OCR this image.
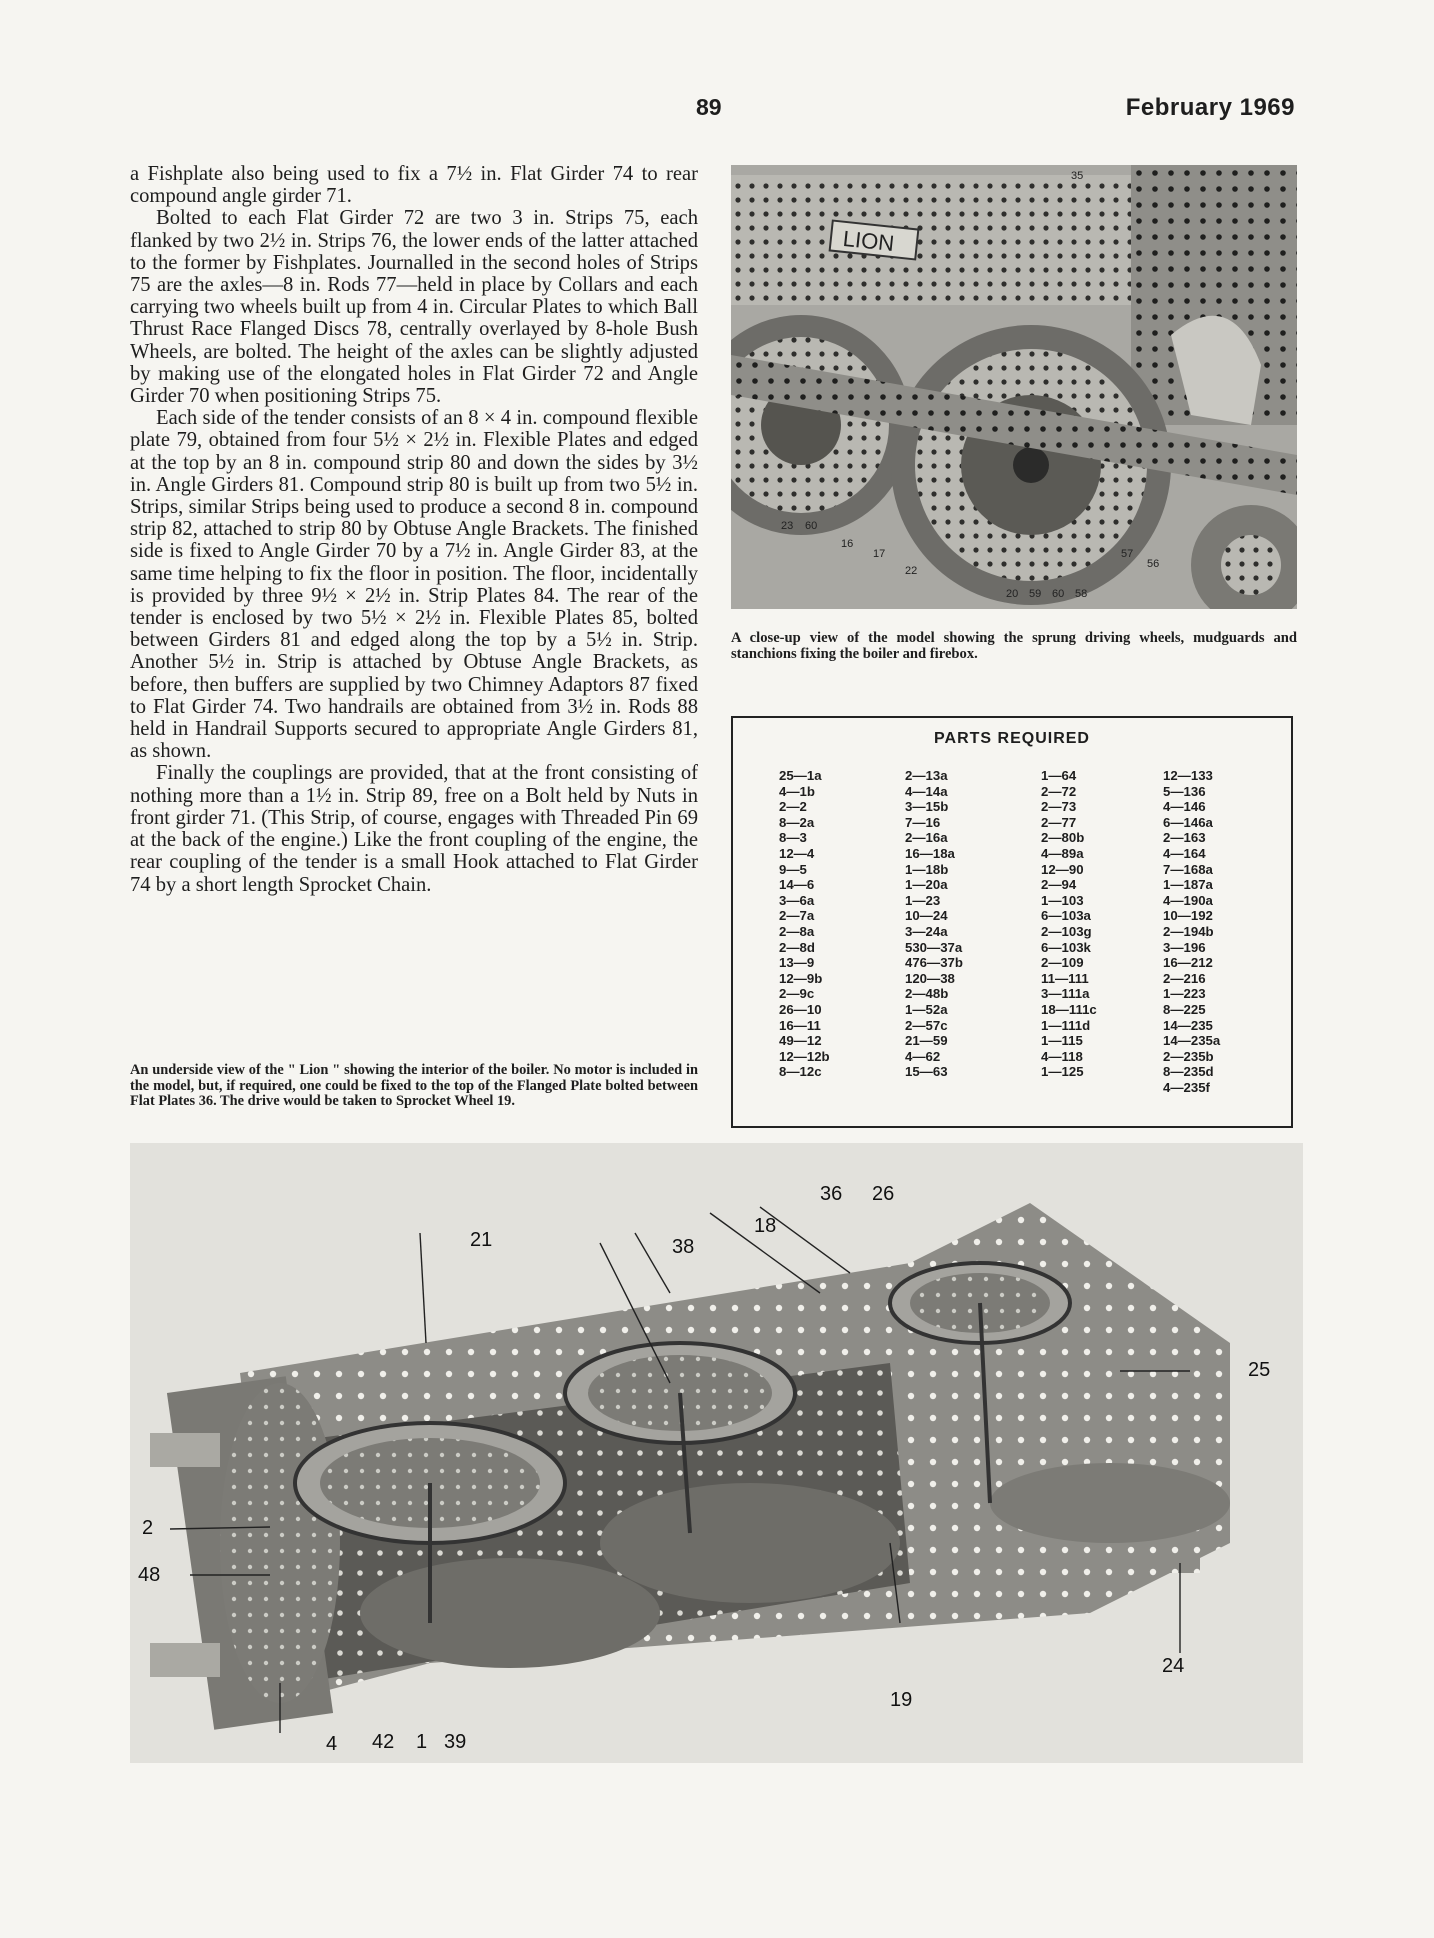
89	February 1969

a Fishplate also being used to fix a 7½ in. Flat Girder 74 to rear compound angle girder 71.

Bolted to each Flat Girder 72 are two 3 in. Strips 75, each flanked by two 2½ in. Strips 76, the lower ends of the latter attached to the former by Fishplates. Journalled in the second holes of Strips 75 are the axles—8 in. Rods 77—held in place by Collars and each carrying two wheels built up from 4 in. Circular Plates to which Ball Thrust Race Flanged Discs 78, centrally overlayed by 8-hole Bush Wheels, are bolted. The height of the axles can be slightly adjusted by making use of the elongated holes in Flat Girder 72 and Angle Girder 70 when positioning Strips 75.

Each side of the tender consists of an 8 × 4 in. compound flexible plate 79, obtained from four 5½ × 2½ in. Flexible Plates and edged at the top by an 8 in. compound strip 80 and down the sides by 3½ in. Angle Girders 81. Compound strip 80 is built up from two 5½ in. Strips, similar Strips being used to produce a second 8 in. compound strip 82, attached to strip 80 by Obtuse Angle Brackets. The finished side is fixed to Angle Girder 70 by a 7½ in. Angle Girder 83, at the same time helping to fix the floor in position. The floor, incidentally is provided by three 9½ × 2½ in. Strip Plates 84. The rear of the tender is enclosed by two 5½ × 2½ in. Flexible Plates 85, bolted between Girders 81 and edged along the top by a 5½ in. Strip. Another 5½ in. Strip is attached by Obtuse Angle Brackets, as before, then buffers are supplied by two Chimney Adaptors 87 fixed to Flat Girder 74. Two handrails are obtained from 3½ in. Rods 88 held in Handrail Supports secured to appropriate Angle Girders 81, as shown.

Finally the couplings are provided, that at the front consisting of nothing more than a 1½ in. Strip 89, free on a Bolt held by Nuts in front girder 71. (This Strip, of course, engages with Threaded Pin 69 at the back of the engine.) Like the front coupling of the engine, the rear coupling of the tender is a small Hook attached to Flat Girder 74 by a short length Sprocket Chain.

An underside view of the " Lion " showing the interior of the boiler. No motor is included in the model, but, if required, one could be fixed to the top of the Flanged Plate bolted between Flat Plates 36. The drive would be taken to Sprocket Wheel 19.
LION
35
23 60
16
17
22
20 59 60 58
57
56
A close-up view of the model showing the sprung driving wheels, mudguards and stanchions fixing the boiler and firebox.
PARTS REQUIRED
25—1a
4—1b
2—2
8—2a
8—3
12—4
9—5
14—6
3—6a
2—7a
2—8a
2—8d
13—9
12—9b
2—9c
26—10
16—11
49—12
12—12b
8—12c
2—13a
4—14a
3—15b
7—16
2—16a
16—18a
1—18b
1—20a
1—23
10—24
3—24a
530—37a
476—37b
120—38
2—48b
1—52a
2—57c
21—59
4—62
15—63
1—64
2—72
2—73
2—77
2—80b
4—89a
12—90
2—94
1—103
6—103a
2—103g
6—103k
2—109
11—111
3—111a
18—111c
1—111d
1—115
4—118
1—125
12—133
5—136
4—146
6—146a
2—163
4—164
7—168a
1—187a
4—190a
10—192
2—194b
3—196
16—212
2—216
1—223
8—225
14—235
14—235a
2—235b
8—235d
4—235f
21	38
18
36 26
25
2
48
24
19
4 42 1 39
